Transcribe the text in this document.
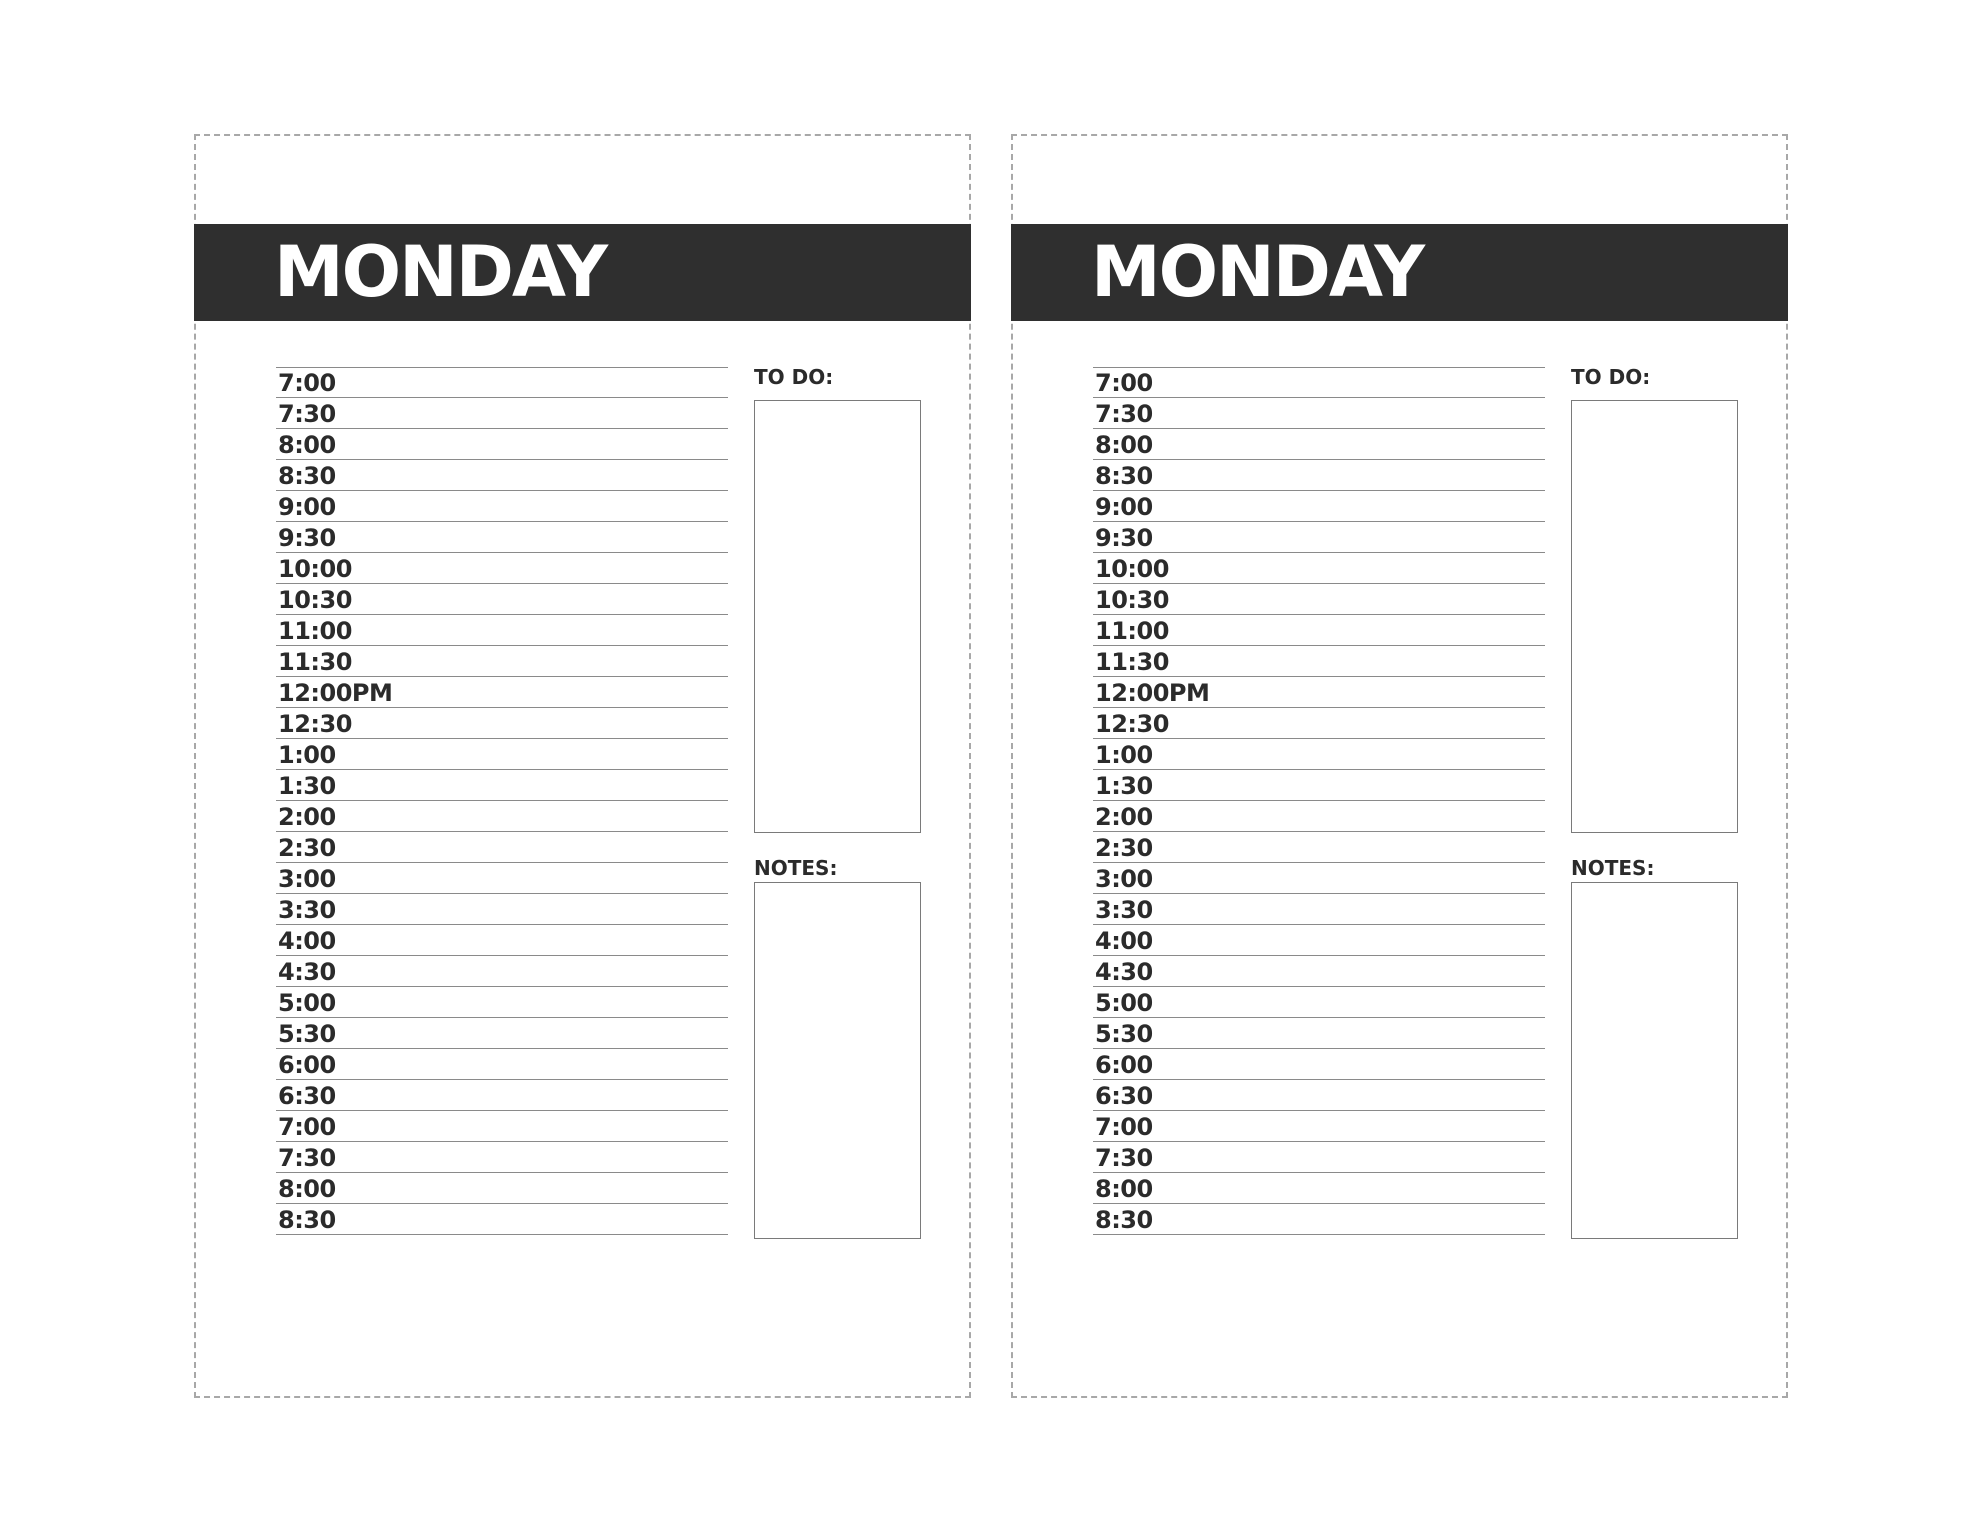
MONDAY
7:00
7:30
8:00
8:30
9:00
9:30
10:00
10:30
11:00
11:30
12:00PM
12:30
1:00
1:30
2:00
2:30
3:00
3:30
4:00
4:30
5:00
5:30
6:00
6:30
7:00
7:30
8:00
8:30
TO DO:
NOTES:
MONDAY
7:00
7:30
8:00
8:30
9:00
9:30
10:00
10:30
11:00
11:30
12:00PM
12:30
1:00
1:30
2:00
2:30
3:00
3:30
4:00
4:30
5:00
5:30
6:00
6:30
7:00
7:30
8:00
8:30
TO DO:
NOTES:
